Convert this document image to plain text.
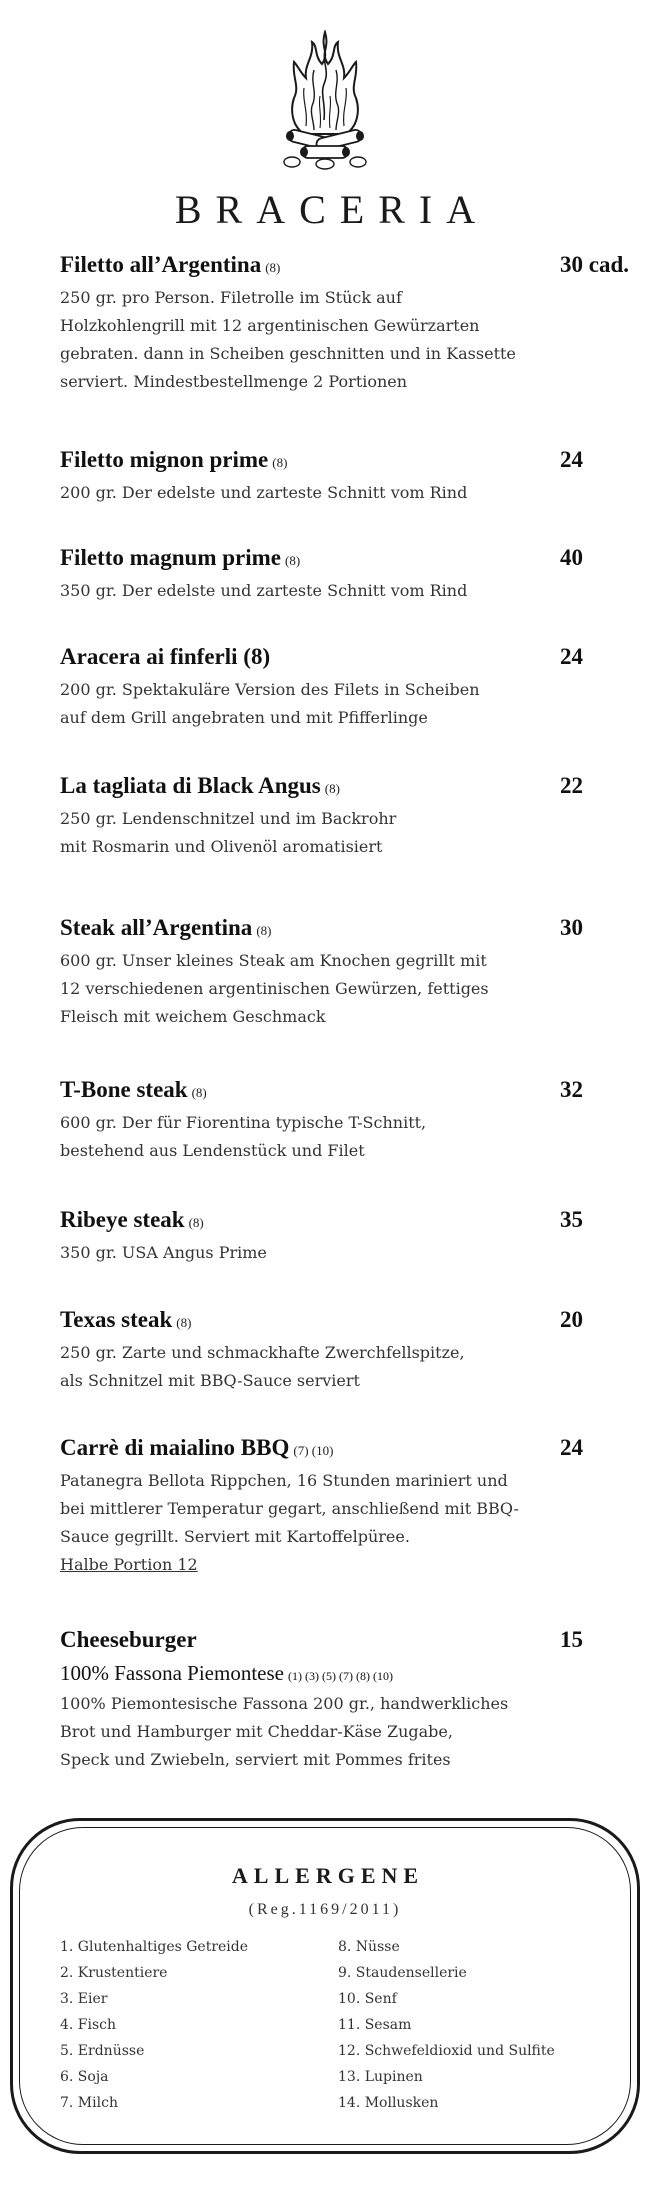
BRACERIA
Filetto all’Argentina (8)	30 cad.
250 gr. pro Person. Filetrolle im Stück auf
Holzkohlengrill mit 12 argentinischen Gewürzarten
gebraten. dann in Scheiben geschnitten und in Kassette
serviert. Mindestbestellmenge 2 Portionen
Filetto mignon prime (8)	24
200 gr. Der edelste und zarteste Schnitt vom Rind
Filetto magnum prime (8)	40
350 gr. Der edelste und zarteste Schnitt vom Rind
Aracera ai finferli (8)	24
200 gr. Spektakuläre Version des Filets in Scheiben
auf dem Grill angebraten und mit Pfifferlinge
La tagliata di Black Angus (8)	22
250 gr. Lendenschnitzel und im Backrohr
mit Rosmarin und Olivenöl aromatisiert
Steak all’Argentina (8)	30
600 gr. Unser kleines Steak am Knochen gegrillt mit
12 verschiedenen argentinischen Gewürzen, fettiges
Fleisch mit weichem Geschmack
T-Bone steak (8)	32
600 gr. Der für Fiorentina typische T-Schnitt,
bestehend aus Lendenstück und Filet
Ribeye steak (8)	35
350 gr. USA Angus Prime
Texas steak (8)	20
250 gr. Zarte und schmackhafte Zwerchfellspitze,
als Schnitzel mit BBQ-Sauce serviert
Carrè di maialino BBQ (7) (10)	24
Patanegra Bellota Rippchen, 16 Stunden mariniert und
bei mittlerer Temperatur gegart, anschließend mit BBQ-
Sauce gegrillt. Serviert mit Kartoffelpüree.
Halbe Portion 12
Cheeseburger	15
100% Fassona Piemontese (1) (3) (5) (7) (8) (10)
100% Piemontesische Fassona 200 gr., handwerkliches
Brot und Hamburger mit Cheddar-Käse Zugabe,
Speck und Zwiebeln, serviert mit Pommes frites
ALLERGENE
(Reg.1169/2011)
1. Glutenhaltiges Getreide
2. Krustentiere
3. Eier
4. Fisch
5. Erdnüsse
6. Soja
7. Milch
8. Nüsse
9. Staudensellerie
10. Senf
11. Sesam
12. Schwefeldioxid und Sulfite
13. Lupinen
14. Mollusken
